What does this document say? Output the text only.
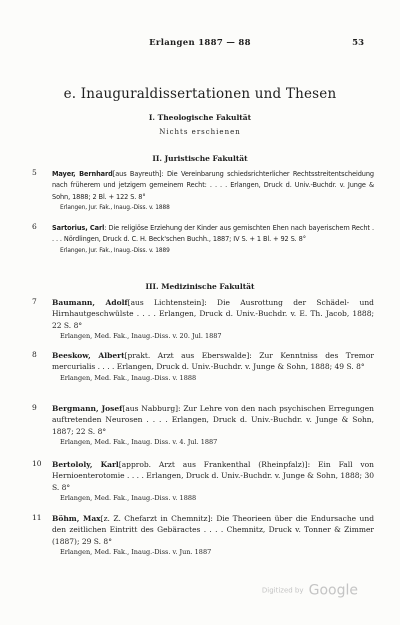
Erlangen 1887 — 88	53
e. Inauguraldissertationen und Thesen
I. Theologische Fakultät
Nichts erschienen
II. Juristische Fakultät
5 Mayer, Bernhard[aus Bayreuth]: Die Vereinbarung schiedsrichterlicher Rechtsstreitentscheidung nach früherem und jetzigem gemeinem Recht: . . . . Erlangen, Druck d. Univ.-Buchdr. v. Junge & Sohn, 1888; 2 Bl. + 122 S. 8°
Erlangen, Jur. Fak., Inaug.-Diss. v. 1888
6 Sartorius, Carl: Die religiöse Erziehung der Kinder aus gemischten Ehen nach bayerischem Recht . . . . Nördlingen, Druck d. C. H. Beck'schen Buchh., 1887; IV S. + 1 Bl. + 92 S. 8°
Erlangen, Jur. Fak., Inaug.-Diss. v. 1889
III. Medizinische Fakultät
7 Baumann, Adolf[aus Lichtenstein]: Die Ausrottung der Schädel- und Hirnhautgeschwülste . . . . Erlangen, Druck d. Univ.-Buchdr. v. E. Th. Jacob, 1888; 22 S. 8°
Erlangen, Med. Fak., Inaug.-Diss. v. 20. Jul. 1887
8 Beeskow, Albert[prakt. Arzt aus Eberswalde]: Zur Kenntniss des Tremor mercurialis . . . . Erlangen, Druck d. Univ.-Buchdr. v. Junge & Sohn, 1888; 49 S. 8°
Erlangen, Med. Fak., Inaug.-Diss. v. 1888
9 Bergmann, Josef[aus Nabburg]: Zur Lehre von den nach psychischen Erregungen auftretenden Neurosen . . . . Erlangen, Druck d. Univ.-Buchdr. v. Junge & Sohn, 1887; 22 S. 8°
Erlangen, Med. Fak., Inaug. Diss. v. 4. Jul. 1887
10 Bertololy, Karl[approb. Arzt aus Frankenthal (Rheinpfalz)]: Ein Fall von Hernioenterotomie . . . . Erlangen, Druck d. Univ.-Buchdr. v. Junge & Sohn, 1888; 30 S. 8°
Erlangen, Med. Fak., Inaug.-Diss. v. 1888
11 Böhm, Max[z. Z. Chefarzt in Chemnitz]: Die Theorieen über die Endursache und den zeitlichen Eintritt des Gebäractes . . . . Chemnitz, Druck v. Tonner & Zimmer (1887); 29 S. 8°
Erlangen, Med. Fak., Inaug.-Diss. v. Jun. 1887
Digitized by Google
